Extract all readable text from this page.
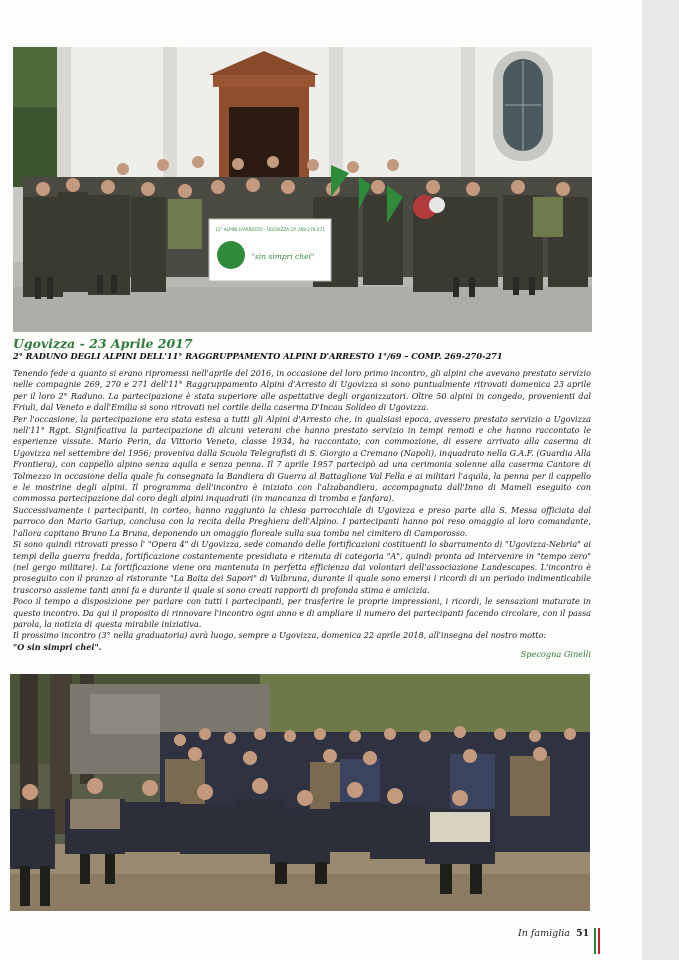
11° ALPINI D'ARRESTO - UGOVIZZA CP. 269-270-271
"sin simpri chei"
Ugovizza - 23 Aprile 2017
2° RADUNO DEGLI ALPINI DELL'11° RAGGRUPPAMENTO ALPINI D'ARRESTO 1°/69 – COMP. 269-270-271

Tenendo fede a quanto si erano ripromessi nell'aprile del 2016, in occasione del loro primo incontro, gli alpini che avevano prestato servizio nelle compagnie 269, 270 e 271 dell'11° Raggruppamento Alpini d'Arresto di Ugovizza si sono puntualmente ritrovati domenica 23 aprile per il loro 2° Raduno. La partecipazione è stata superiore alle aspettative degli organizzatori. Oltre 50 alpini in congedo, provenienti dal Friuli, dal Veneto e dall'Emilia si sono ritrovati nel cortile della caserma D'Incau Solideo di Ugovizza.

Per l'occasione, la partecipazione era stata estesa a tutti gli Alpini d'Arresto che, in qualsiasi epoca, avessero prestato servizio a Ugovizza nell'11° Rgpt. Significativa la partecipazione di alcuni veterani che hanno prestato servizio in tempi remoti e che hanno raccontato le esperienze vissute. Mario Perin, da Vittorio Veneto, classe 1934, ha raccontato, con commozione, di essere arrivato alla caserma di Ugovizza nel settembre del 1956; proveniva dalla Scuola Telegrafisti di S. Giorgio a Cremano (Napoli), inquadrato nella G.A.F. (Guardia Alla Frontiera), con cappello alpino senza aquila e senza penna. Il 7 aprile 1957 partecipò ad una cerimonia solenne alla caserma Cantore di Tolmezzo in occasione della quale fu consegnata la Bandiera di Guerra al Battaglione Val Fella e ai militari l'aquila, la penna per il cappello e le mostrine degli alpini. Il programma dell'incontro è iniziato con l'alzabandiera, accompagnata dall'Inno di Mameli eseguito con commossa partecipazione dal coro degli alpini inquadrati (in mancanza di tromba e fanfara).

Successivamente i partecipanti, in corteo, hanno raggiunto la chiesa parrocchiale di Ugovizza e preso parte alla S. Messa officiata dal parroco don Mario Gariup, conclusa con la recita della Preghiera dell'Alpino. I partecipanti hanno poi reso omaggio al loro comandante, l'allora capitano Bruno La Bruna, deponendo un omaggio floreale sulla sua tomba nel cimitero di Camporosso.

Si sono quindi ritrovati presso l' "Opera 4" di Ugovizza, sede comando delle fortificazioni costituenti lo sbarramento di "Ugovizza-Nebria" ai tempi della guerra fredda, fortificazione costantemente presidiata e ritenuta di categoria "A", quindi pronta ad intervenire in "tempo zero" (nel gergo militare). La fortificazione viene ora mantenuta in perfetta efficienza dai volontari dell'associazione Landescapes. L'incontro è proseguito con il pranzo al ristorante "La Baita dei Sapori" di Valbruna, durante il quale sono emersi i ricordi di un periodo indimenticabile trascorso assieme tanti anni fa e durante il quale si sono creati rapporti di profonda stima e amicizia.

Poco il tempo a disposizione per parlare con tutti i partecipanti, per trasferire le proprie impressioni, i ricordi, le sensazioni maturate in questo incontro. Da qui il proposito di rinnovare l'incontro ogni anno e di ampliare il numero dei partecipanti facendo circolare, con il passa parola, la notizia di questa mirabile iniziativa.

Il prossimo incontro (3° nella graduatoria) avrà luogo, sempre a Ugovizza, domenica 22 aprile 2018, all'insegna del nostro motto:

"O sin simpri chei".

Specogna Ginelli
In famiglia 51
